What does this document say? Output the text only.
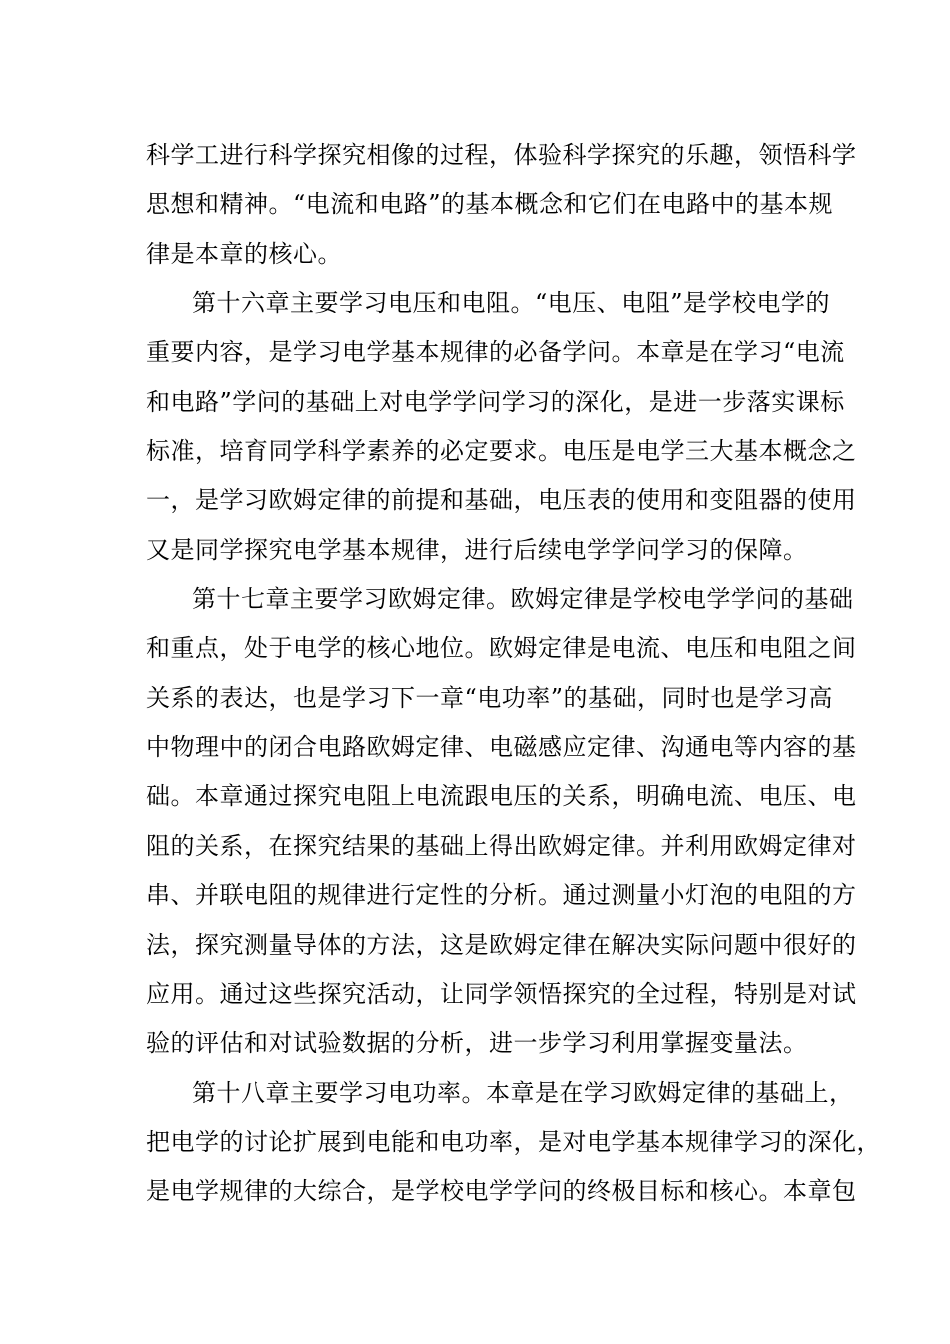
科学工进行科学探究相像的过程，体验科学探究的乐趣，领悟科学
思想和精神。“电流和电路”的基本概念和它们在电路中的基本规
律是本章的核心。
第十六章主要学习电压和电阻。“电压、电阻”是学校电学的
重要内容，是学习电学基本规律的必备学问。本章是在学习“电流
和电路”学问的基础上对电学学问学习的深化，是进一步落实课标
标准，培育同学科学素养的必定要求。电压是电学三大基本概念之
一，是学习欧姆定律的前提和基础，电压表的使用和变阻器的使用
又是同学探究电学基本规律，进行后续电学学问学习的保障。
第十七章主要学习欧姆定律。欧姆定律是学校电学学问的基础
和重点，处于电学的核心地位。欧姆定律是电流、电压和电阻之间
关系的表达，也是学习下一章“电功率”的基础，同时也是学习高
中物理中的闭合电路欧姆定律、电磁感应定律、沟通电等内容的基
础。本章通过探究电阻上电流跟电压的关系，明确电流、电压、电
阻的关系，在探究结果的基础上得出欧姆定律。并利用欧姆定律对
串、并联电阻的规律进行定性的分析。通过测量小灯泡的电阻的方
法，探究测量导体的方法，这是欧姆定律在解决实际问题中很好的
应用。通过这些探究活动，让同学领悟探究的全过程，特别是对试
验的评估和对试验数据的分析，进一步学习利用掌握变量法。
第十八章主要学习电功率。本章是在学习欧姆定律的基础上，
把电学的讨论扩展到电能和电功率，是对电学基本规律学习的深化，
是电学规律的大综合，是学校电学学问的终极目标和核心。本章包
